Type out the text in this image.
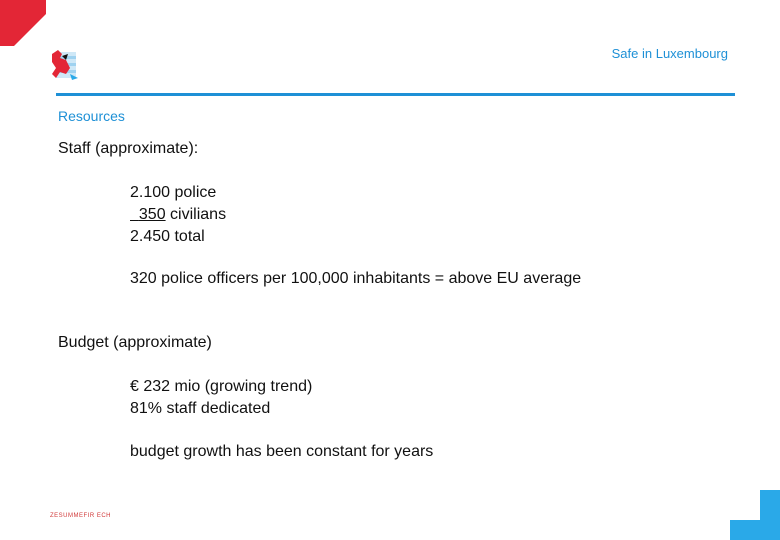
Safe in Luxembourg
Resources
Staff (approximate):
2.100 police
350 civilians
2.450 total
320 police officers per 100,000 inhabitants = above EU average
Budget (approximate)
€ 232 mio (growing trend)
81% staff dedicated
budget growth has been constant for years
ZESUMMEFIR ECH
